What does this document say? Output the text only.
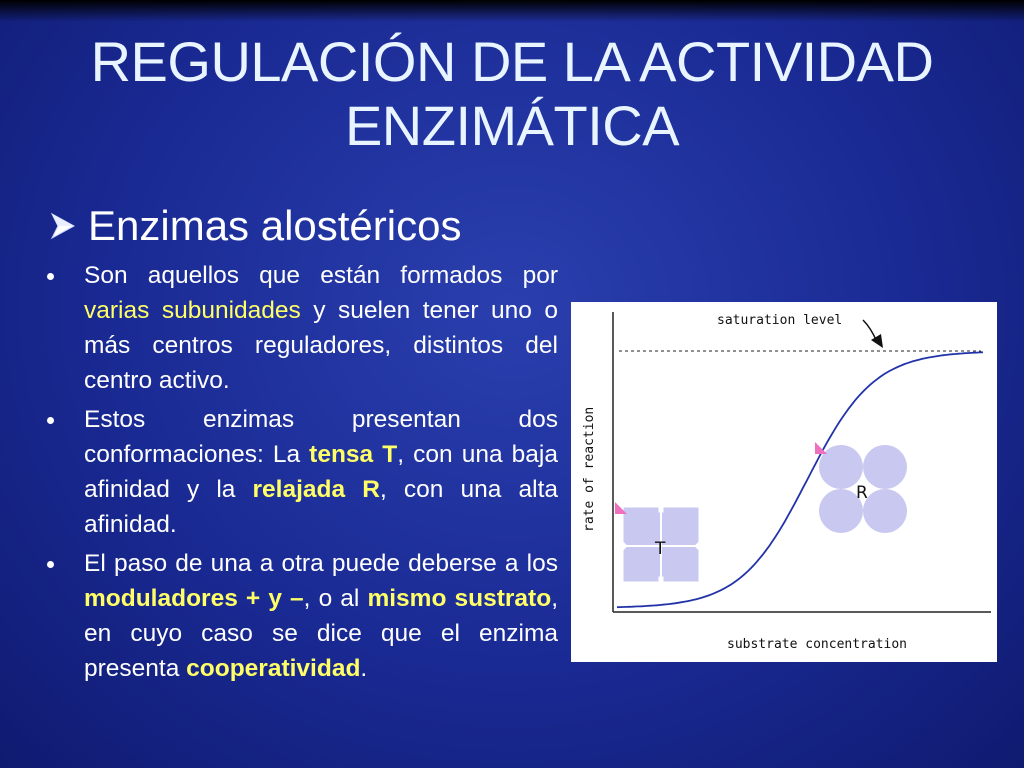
REGULACIÓN DE LA ACTIVIDAD
ENZIMÁTICA
Enzimas alostéricos
Son aquellos que están formados por varias subunidades y suelen tener uno o más centros reguladores, distintos del centro activo.
Estos enzimas presentan dos conformaciones: La tensa T, con una baja afinidad y la relajada R, con una alta afinidad.
El paso de una a otra puede deberse a los moduladores + y –, o al mismo sustrato, en cuyo caso se dice que el enzima presenta cooperatividad.
saturation level
T
R
rate of reaction
substrate concentration
